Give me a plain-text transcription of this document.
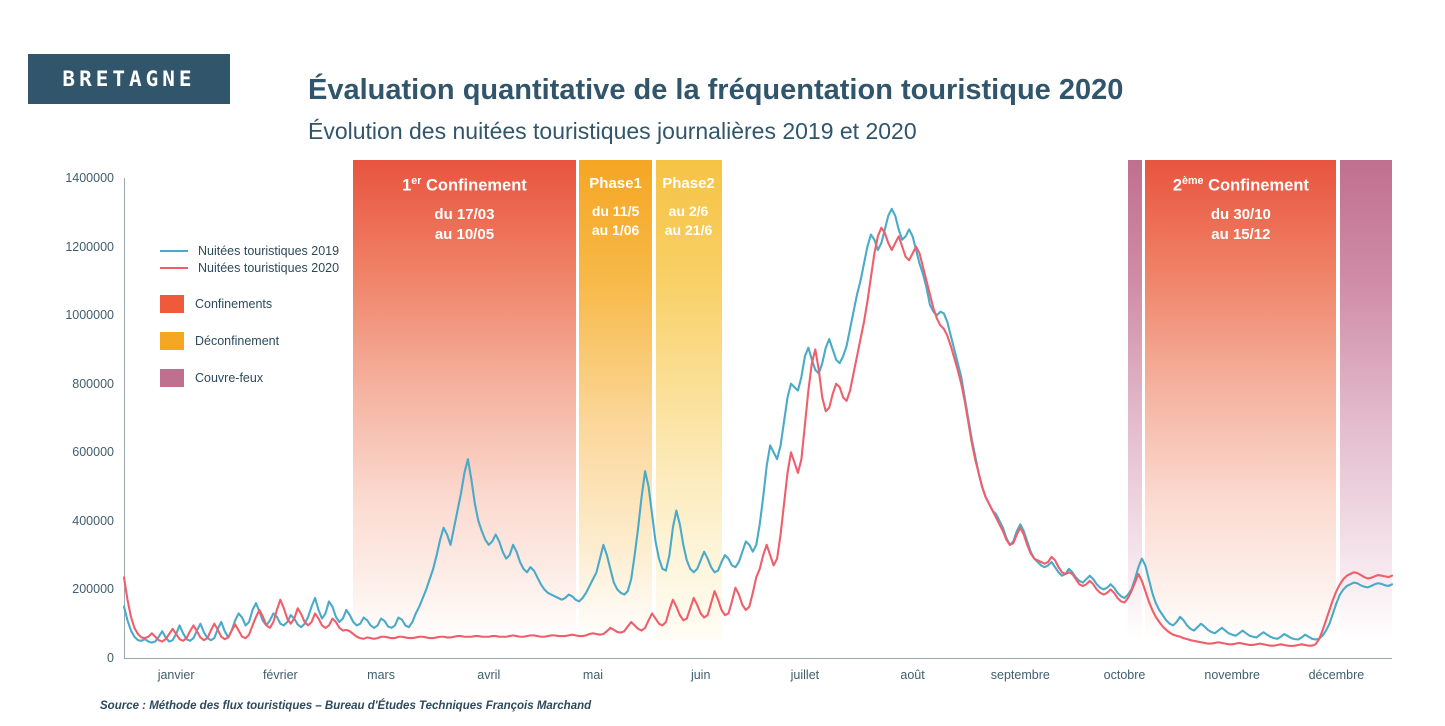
BRETAGNE	Évaluation quantitative de la fréquentation touristique 2020
Évolution des nuitées touristiques journalières 2019 et 2020
1er Confinement
du 17/03
au 10/05
Phase1
du 11/5
au 1/06
Phase2
au 2/6
au 21/6
2ème Confinement
du 30/10
au 15/12
0
200000
400000
600000
800000
1000000
1200000
1400000
janvier	février	mars	avril	mai	juin	juillet	août	septembre	octobre	novembre	décembre
Nuitées touristiques 2019
Nuitées touristiques 2020
Confinements
Déconfinement
Couvre-feux
Source : Méthode des flux touristiques – Bureau d'Études Techniques François Marchand
